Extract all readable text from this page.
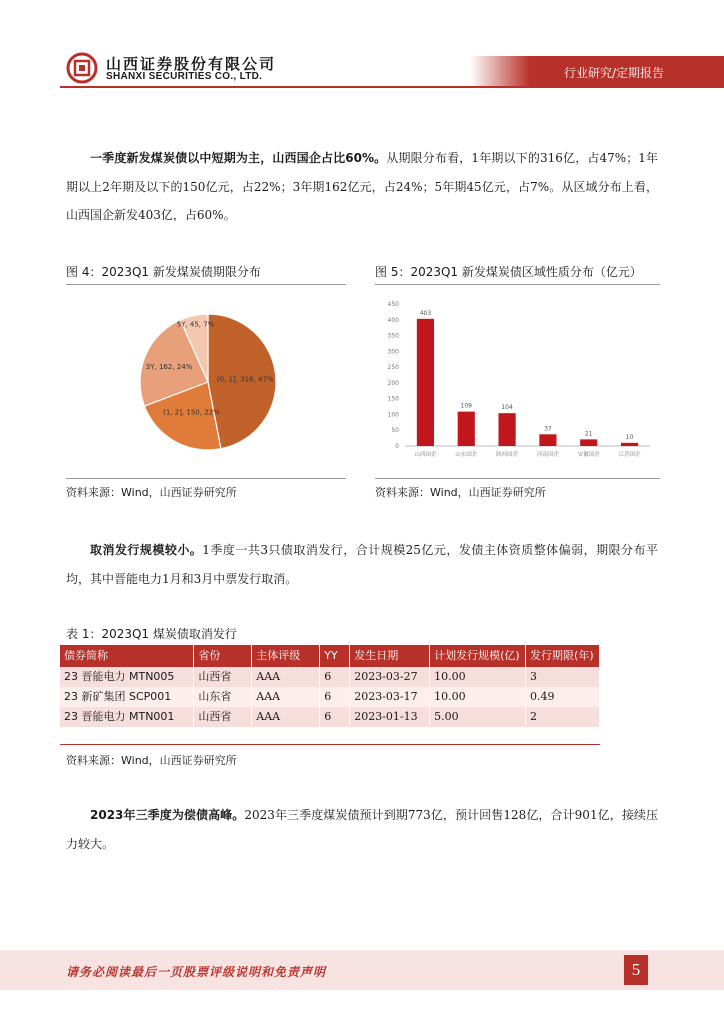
山西证券股份有限公司
SHANXI SECURITIES CO., LTD.	行业研究/定期报告
一季度新发煤炭债以中短期为主，山西国企占比60%。从期限分布看，1年期以下的316亿，占47%；1年期以上2年期及以下的150亿元，占22%；3年期162亿元，占24%；5年期45亿元，占7%。从区域分布上看，山西国企新发403亿，占60%。
图 4：2023Q1 新发煤炭债期限分布
(0, 1], 316, 47%
(1, 2], 150, 22%
3Y, 162, 24%
5Y, 45, 7%
资料来源：Wind，山西证券研究所
图 5：2023Q1 新发煤炭债区域性质分布（亿元）
0
50
100
150
200
250
300
350
400
450
403
山西国企
109
山东国企
104
陕西国企
37
河南国企
21
安徽国企
10
江苏国企
资料来源：Wind，山西证券研究所
取消发行规模较小。1季度一共3只债取消发行，合计规模25亿元，发债主体资质整体偏弱，期限分布平均，其中晋能电力1月和3月中票发行取消。
表 1：2023Q1 煤炭债取消发行
债券简称	省份	主体评级	YY	发生日期	计划发行规模(亿)	发行期限(年)
23 晋能电力 MTN005	山西省	AAA	6	2023-03-27	10.00	3
23 新矿集团 SCP001	山东省	AAA	6	2023-03-17	10.00	0.49
23 晋能电力 MTN001	山西省	AAA	6	2023-01-13	5.00	2
资料来源：Wind，山西证券研究所
2023年三季度为偿债高峰。2023年三季度煤炭债预计到期773亿，预计回售128亿，合计901亿，接续压力较大。
请务必阅读最后一页股票评级说明和免责声明	5
